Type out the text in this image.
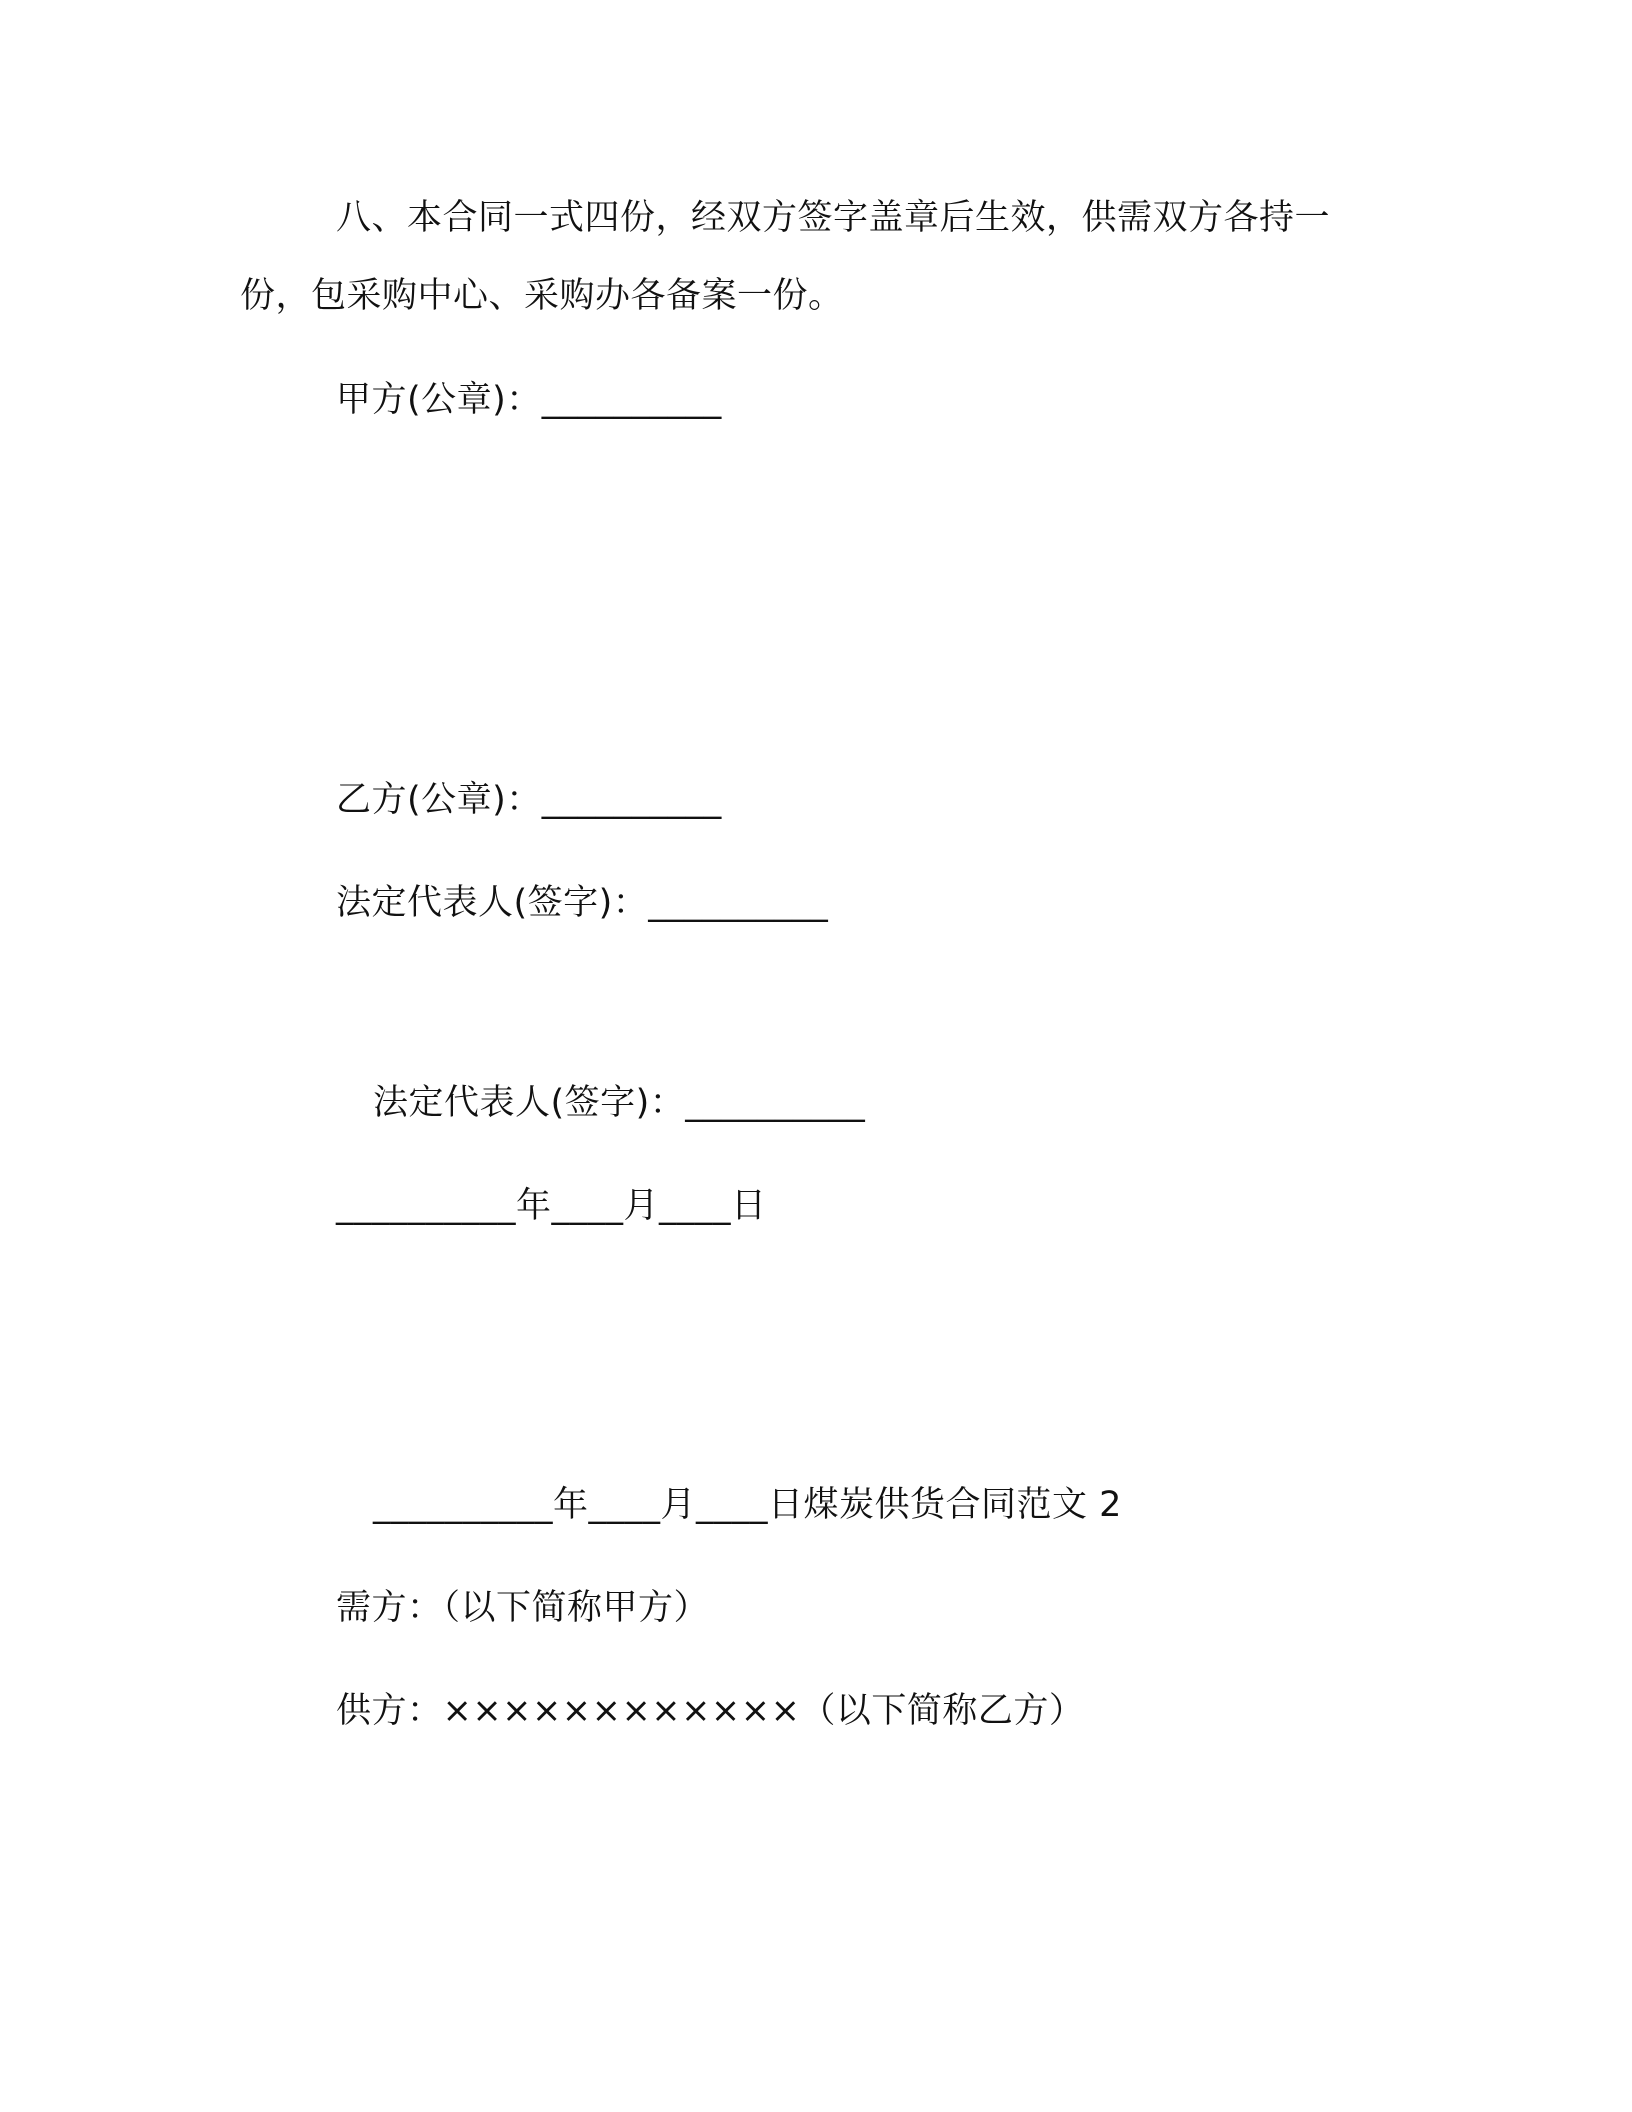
八、本合同一式四份，经双方签字盖章后生效，供需双方各持一
份，包采购中心、采购办各备案一份。
甲方(公章)：__________
乙方(公章)：__________
法定代表人(签字)：__________
法定代表人(签字)：__________
__________年____月____日
__________年____月____日煤炭供货合同范文 2
需方：（以下简称甲方）
供方：××××××××××××（以下简称乙方）
